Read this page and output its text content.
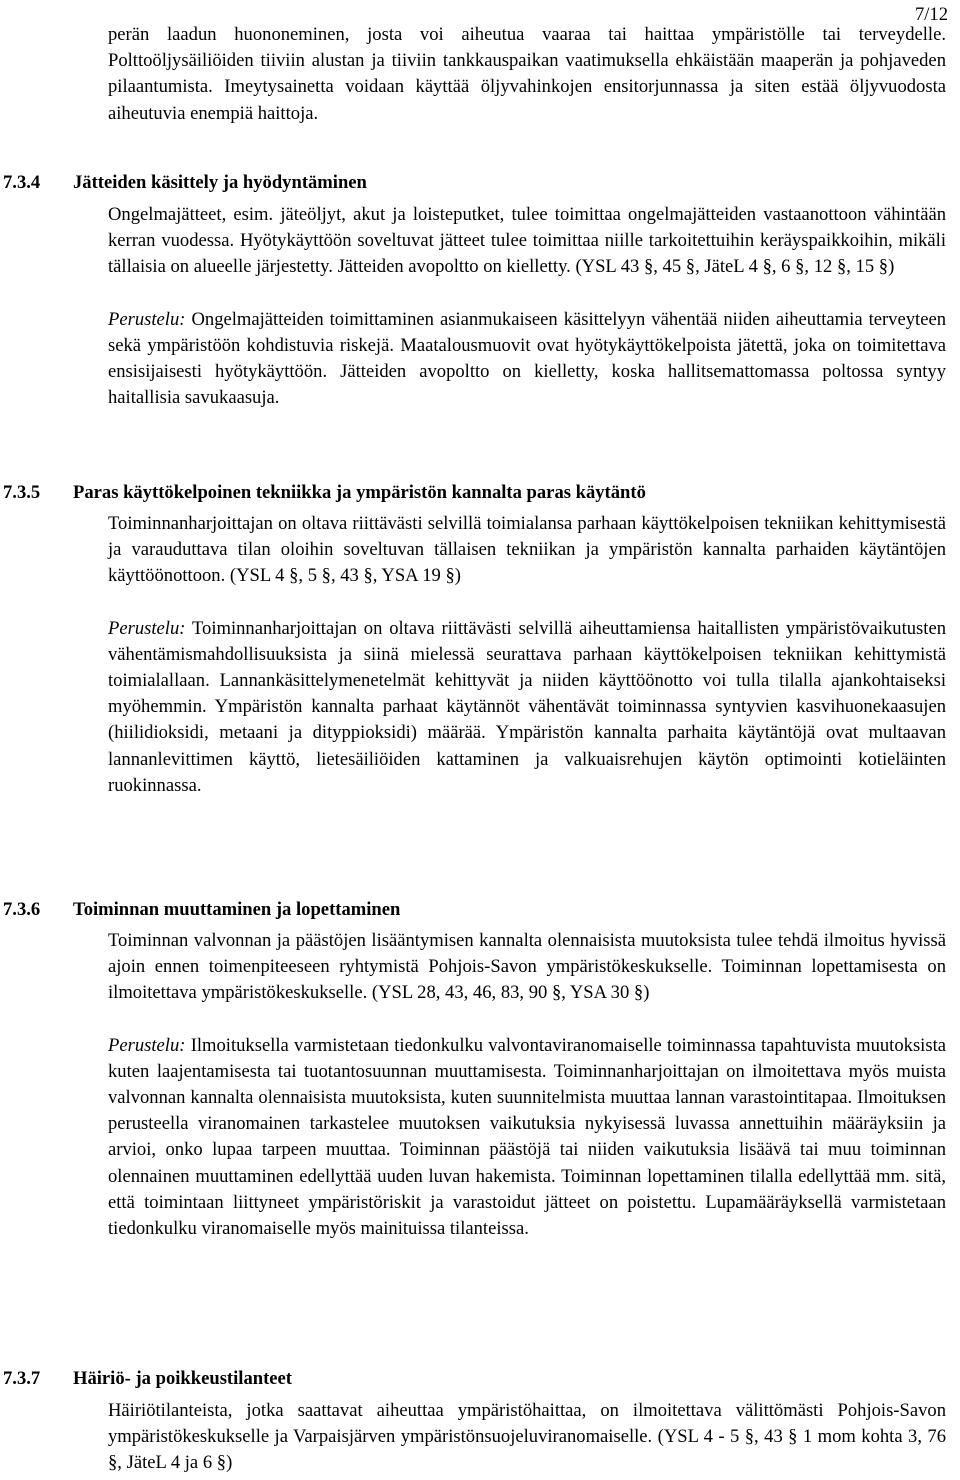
7/12

perän laadun huononeminen, josta voi aiheutua vaaraa tai haittaa ympäristölle tai terveydelle. Polttoöljysäiliöiden tiiviin alustan ja tiiviin tankkauspaikan vaatimuksella ehkäistään maaperän ja pohjaveden pilaantumista. Imeytysainetta voidaan käyttää öljyvahinkojen ensitorjunnassa ja siten estää öljyvuodosta aiheutuvia enempiä haittoja.

7.3.4 Jätteiden käsittely ja hyödyntäminen

Ongelmajätteet, esim. jäteöljyt, akut ja loisteputket, tulee toimittaa ongelmajätteiden vastaanottoon vähintään kerran vuodessa. Hyötykäyttöön soveltuvat jätteet tulee toimittaa niille tarkoitettuihin keräyspaikkoihin, mikäli tällaisia on alueelle järjestetty. Jätteiden avopoltto on kielletty. (YSL 43 §, 45 §, JäteL 4 §, 6 §, 12 §, 15 §)

Perustelu: Ongelmajätteiden toimittaminen asianmukaiseen käsittelyyn vähentää niiden aiheuttamia terveyteen sekä ympäristöön kohdistuvia riskejä. Maatalousmuovit ovat hyötykäyttökelpoista jätettä, joka on toimitettava ensisijaisesti hyötykäyttöön. Jätteiden avopoltto on kielletty, koska hallitsemattomassa poltossa syntyy haitallisia savukaasuja.

7.3.5 Paras käyttökelpoinen tekniikka ja ympäristön kannalta paras käytäntö

Toiminnanharjoittajan on oltava riittävästi selvillä toimialansa parhaan käyttökelpoisen tekniikan kehittymisestä ja varauduttava tilan oloihin soveltuvan tällaisen tekniikan ja ympäristön kannalta parhaiden käytäntöjen käyttöönottoon. (YSL 4 §, 5 §, 43 §, YSA 19 §)

Perustelu: Toiminnanharjoittajan on oltava riittävästi selvillä aiheuttamiensa haitallisten ympäristövaikutusten vähentämismahdollisuuksista ja siinä mielessä seurattava parhaan käyttökelpoisen tekniikan kehittymistä toimialallaan. Lannankäsittelymenetelmät kehittyvät ja niiden käyttöönotto voi tulla tilalla ajankohtaiseksi myöhemmin. Ympäristön kannalta parhaat käytännöt vähentävät toiminnassa syntyvien kasvihuonekaasujen (hiilidioksidi, metaani ja dityppioksidi) määrää. Ympäristön kannalta parhaita käytäntöjä ovat multaavan lannanlevittimen käyttö, lietesäiliöiden kattaminen ja valkuaisrehujen käytön optimointi kotieläinten ruokinnassa.

7.3.6 Toiminnan muuttaminen ja lopettaminen

Toiminnan valvonnan ja päästöjen lisääntymisen kannalta olennaisista muutoksista tulee tehdä ilmoitus hyvissä ajoin ennen toimenpiteeseen ryhtymistä Pohjois-Savon ympäristökeskukselle. Toiminnan lopettamisesta on ilmoitettava ympäristökeskukselle. (YSL 28, 43, 46, 83, 90 §, YSA 30 §)

Perustelu: Ilmoituksella varmistetaan tiedonkulku valvontaviranomaiselle toiminnassa tapahtuvista muutoksista kuten laajentamisesta tai tuotantosuunnan muuttamisesta. Toiminnanharjoittajan on ilmoitettava myös muista valvonnan kannalta olennaisista muutoksista, kuten suunnitelmista muuttaa lannan varastointitapaa. Ilmoituksen perusteella viranomainen tarkastelee muutoksen vaikutuksia nykyisessä luvassa annettuihin määräyksiin ja arvioi, onko lupaa tarpeen muuttaa. Toiminnan päästöjä tai niiden vaikutuksia lisäävä tai muu toiminnan olennainen muuttaminen edellyttää uuden luvan hakemista. Toiminnan lopettaminen tilalla edellyttää mm. sitä, että toimintaan liittyneet ympäristöriskit ja varastoidut jätteet on poistettu. Lupamääräyksellä varmistetaan tiedonkulku viranomaiselle myös mainituissa tilanteissa.

7.3.7 Häiriö- ja poikkeustilanteet

Häiriötilanteista, jotka saattavat aiheuttaa ympäristöhaittaa, on ilmoitettava välittömästi Pohjois-Savon ympäristökeskukselle ja Varpaisjärven ympäristönsuojeluviranomaiselle. (YSL 4 - 5 §, 43 § 1 mom kohta 3, 76 §, JäteL 4 ja 6 §)
